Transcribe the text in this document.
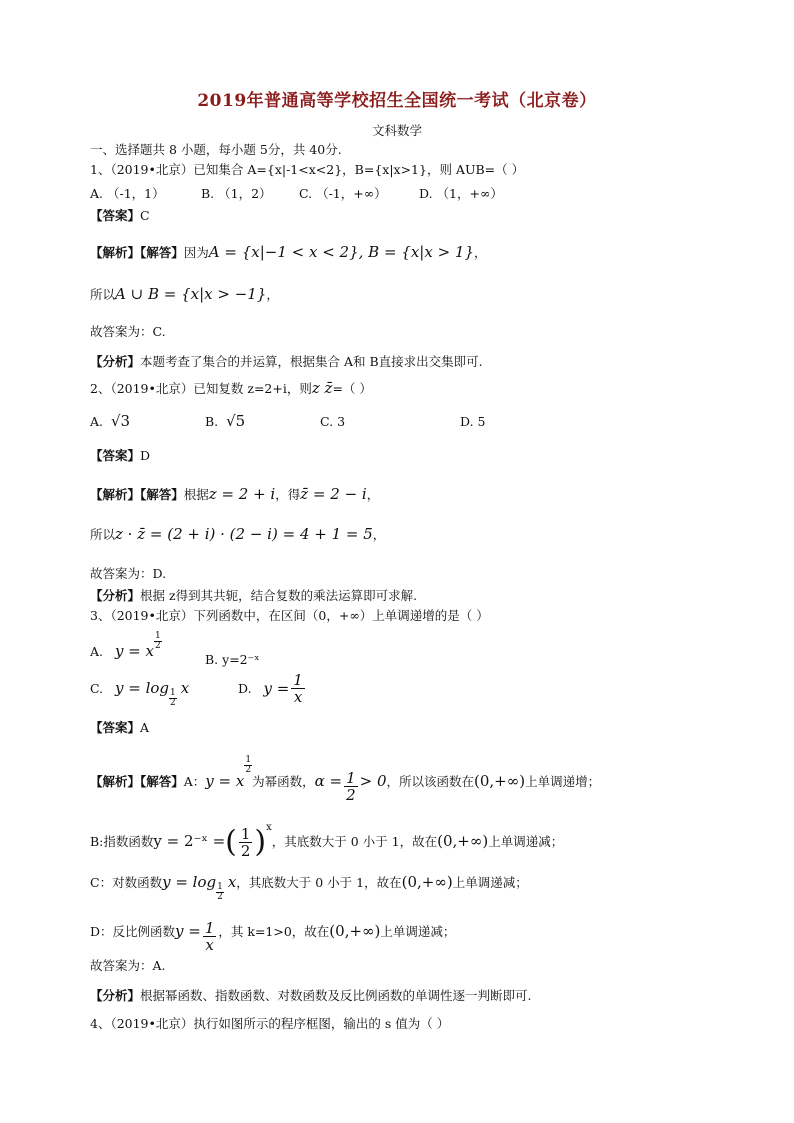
2019年普通高等学校招生全国统一考试（北京卷）
文科数学
一、选择题共 8 小题，每小题 5分，共 40分.
1、（2019•北京）已知集合 A={x|-1<x<2}，B={x|x>1}，则 AUB=（ ）
A. （-1，1）	B. （1，2） C. （-1，+∞）	D. （1，+∞）
【答案】C
【解析】【解答】因为A = {x|−1 < x < 2}, B = {x|x > 1}，
所以A ∪ B = {x|x > −1}，
故答案为：C.
【分析】本题考查了集合的并运算，根据集合 A和 B直接求出交集即可.
2、（2019•北京）已知复数 z=2+i，则z z̄=（ ）
A. √3	B. √5	C. 3	D. 5
【答案】D
【解析】【解答】根据z = 2 + i，得z̄ = 2 − i，
所以z · z̄ = (2 + i) · (2 − i) = 4 + 1 = 5，
故答案为：D.
【分析】根据 z得到其共轭，结合复数的乘法运算即可求解.
3、（2019•北京）下列函数中，在区间（0，+∞）上单调递增的是（ ）
A. y = x $\frac{1}{2}$
B. y=2⁻ˣ
C. y = log
$\frac{1}{2}$
x	D. $y = \frac{1}{x}$
【答案】A
【解析】【解答】A：y = x
$\frac{1}{2}$
为幂函数，$\alpha = \frac{1}{2} > 0$，所以该函数在(0,+∞)上单调递增；
B:指数函数y = 2⁻ˣ =( $\frac{1}{2} )^x$，其底数大于 0 小于 1，故在(0,+∞)上单调递减；
C：对数函数y = log
$\frac{1}{2}$
x，其底数大于 0 小于 1，故在(0,+∞)上单调递减；
D：反比例函数$y = \frac{1}{x}$ ，其 k=1>0，故在(0,+∞)上单调递减；
故答案为：A.
【分析】根据幂函数、指数函数、对数函数及反比例函数的单调性逐一判断即可.
4、（2019•北京）执行如图所示的程序框图，输出的 s 值为（ ）
